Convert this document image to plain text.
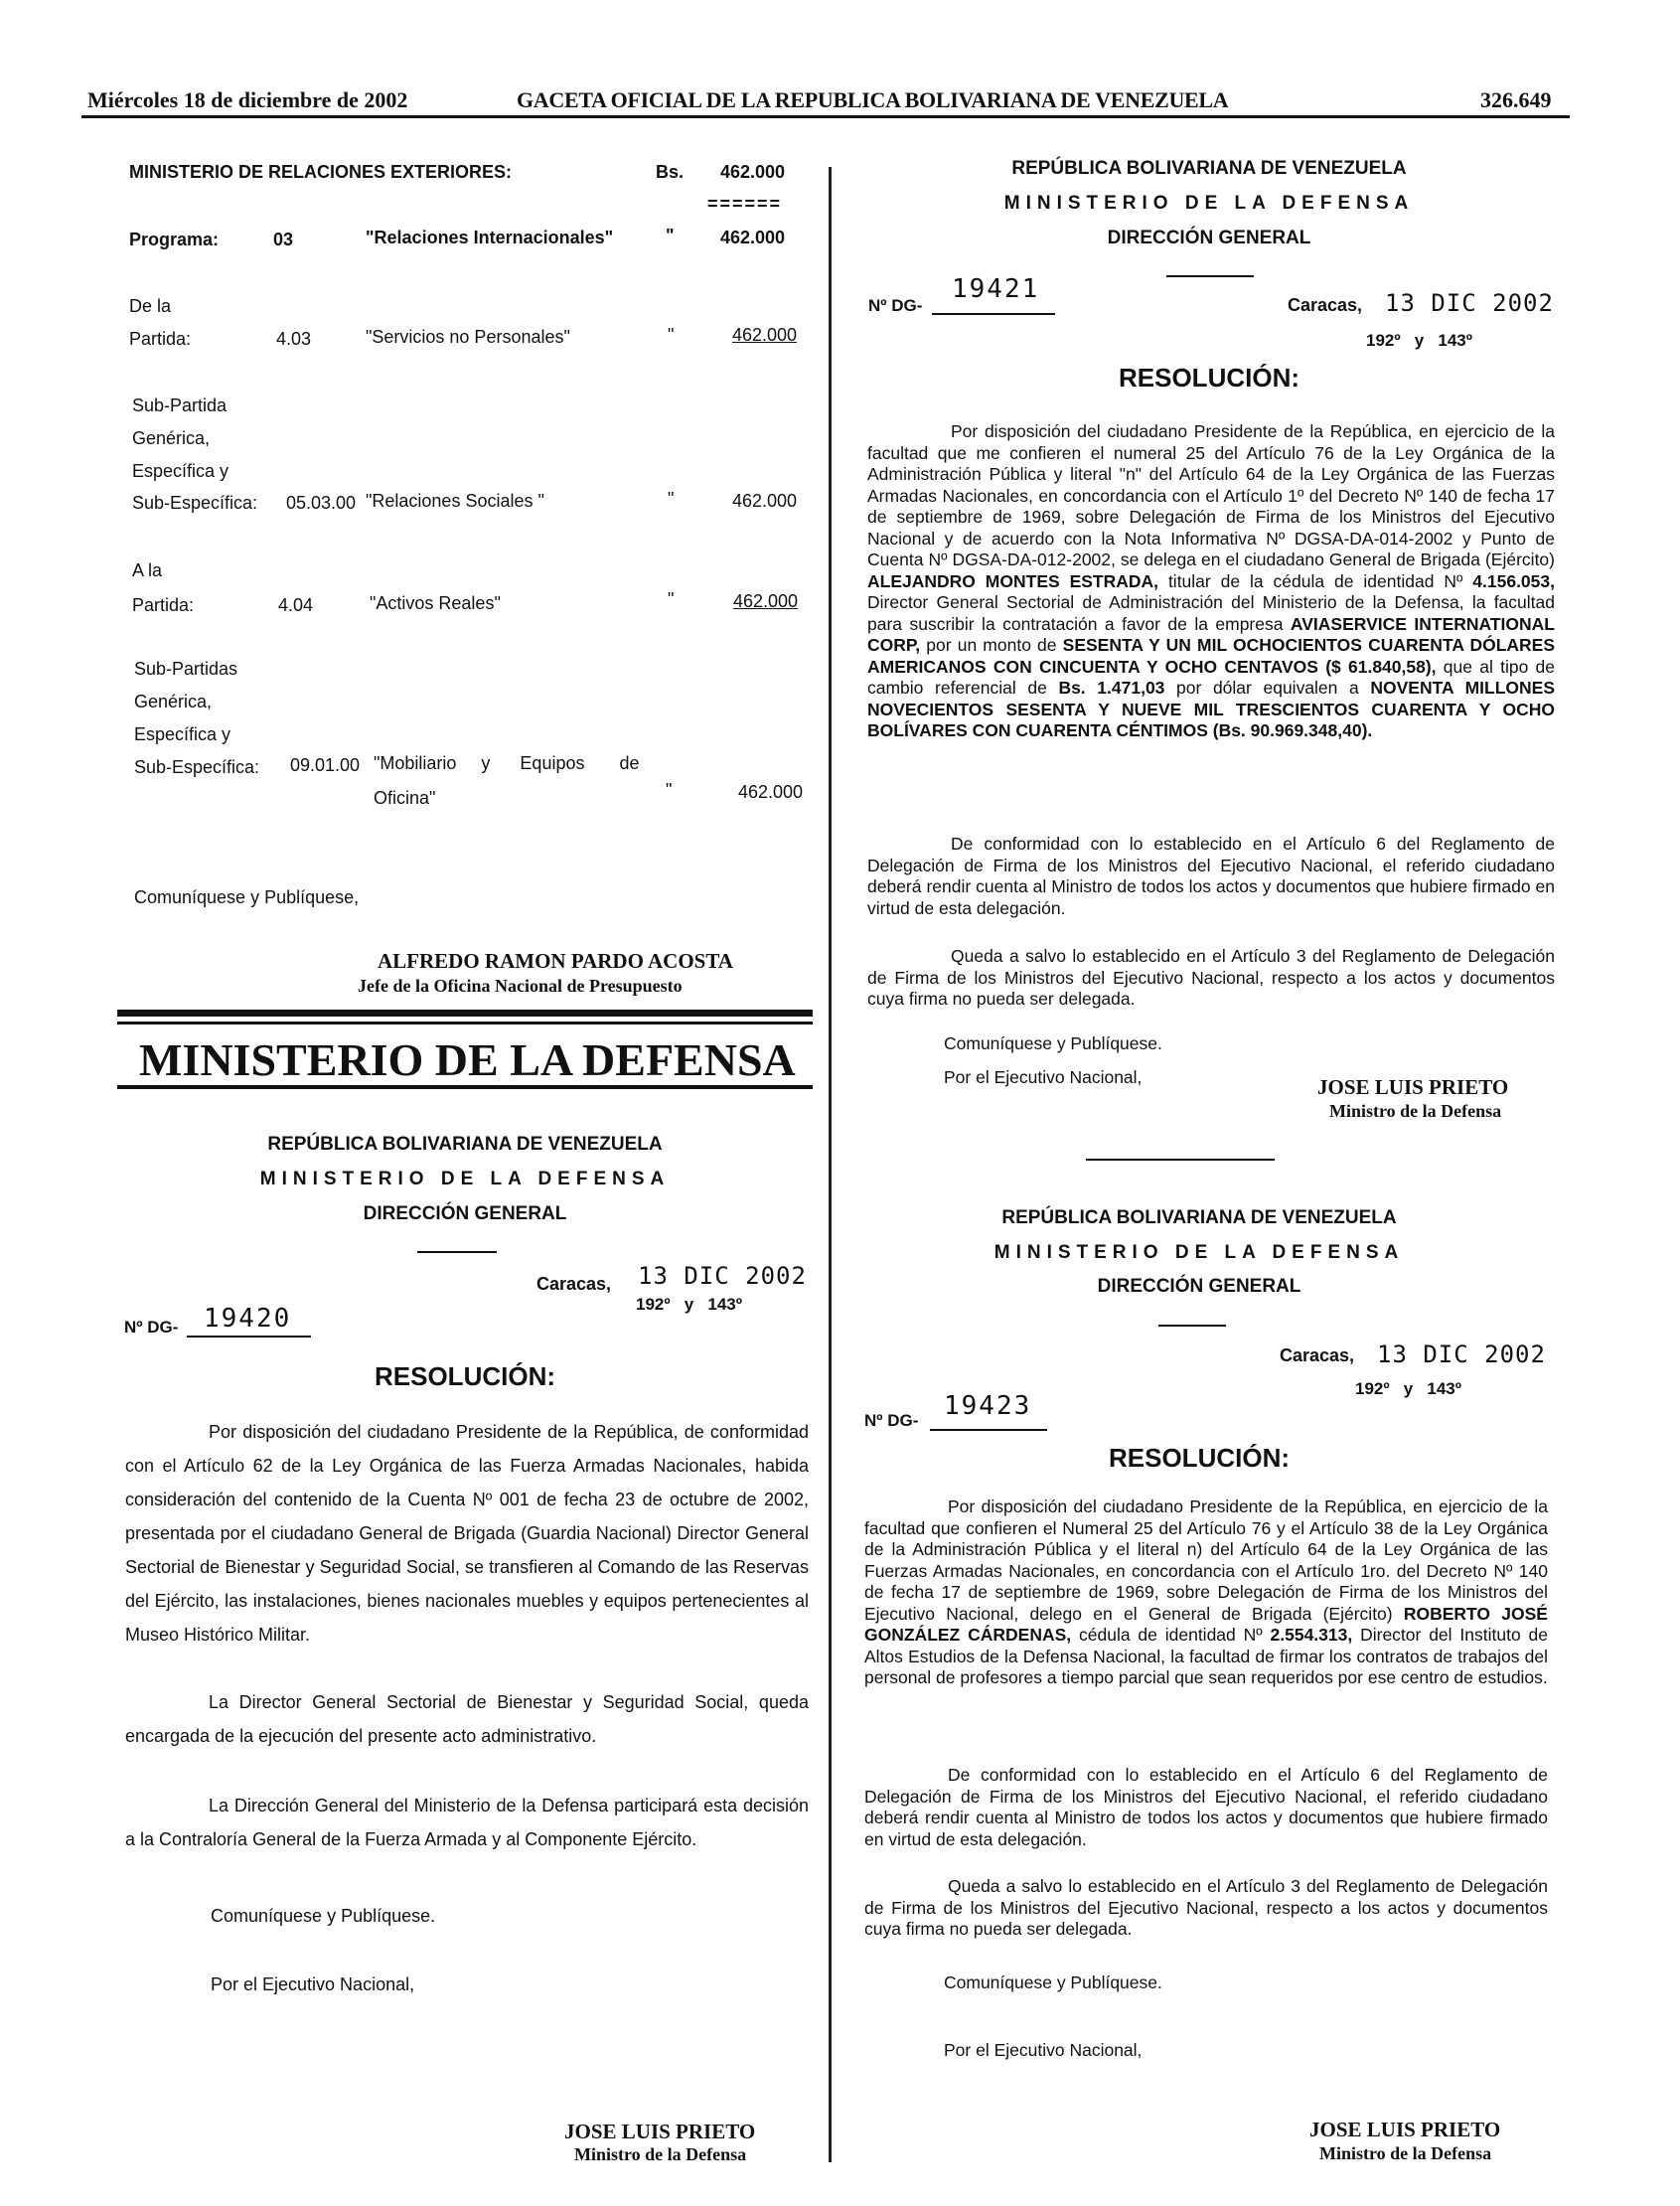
Miércoles 18 de diciembre de 2002	GACETA OFICIAL DE LA REPUBLICA BOLIVARIANA DE VENEZUELA	326.649
MINISTERIO DE RELACIONES EXTERIORES:	Bs. 462.000
======
Programa:	03	"Relaciones Internacionales"	"	462.000
De la
Partida:	4.03	"Servicios no Personales"	"	462.000
Sub-Partida
Genérica,
Específica y
Sub-Específica: 05.03.00 "Relaciones Sociales "	"	462.000
A la
Partida:	4.04	"Activos Reales"	"	462.000
Sub-Partidas
Genérica,
Específica y
Sub-Específica: 09.01.00 "Mobiliario     y      Equipos       de
Oficina"	"	462.000
Comuníquese y Publíquese,
ALFREDO RAMON PARDO ACOSTA
Jefe de la Oficina Nacional de Presupuesto
MINISTERIO DE LA DEFENSA
REPÚBLICA BOLIVARIANA DE VENEZUELA
MINISTERIO DE LA DEFENSA
DIRECCIÓN GENERAL
Caracas, 13 DIC 2002
192º   y   143º
Nº DG- 19420
RESOLUCIÓN:
Por disposición del ciudadano Presidente de la República, de conformidad con el Artículo 62 de la Ley Orgánica de las Fuerza Armadas Nacionales, habida consideración del contenido de la Cuenta Nº 001 de fecha 23 de octubre de 2002, presentada por el ciudadano General de Brigada (Guardia Nacional) Director General Sectorial de Bienestar y Seguridad Social, se transfieren al Comando de las Reservas del Ejército, las instalaciones, bienes nacionales muebles y equipos pertenecientes al Museo Histórico Militar.
La Director General Sectorial de Bienestar y Seguridad Social, queda encargada de la ejecución del presente acto administrativo.
La Dirección General del Ministerio de la Defensa participará esta decisión a la Contraloría General de la Fuerza Armada y al Componente Ejército.
Comuníquese y Publíquese.
Por el Ejecutivo Nacional,
JOSE LUIS PRIETO
Ministro de la Defensa
REPÚBLICA BOLIVARIANA DE VENEZUELA
MINISTERIO DE LA DEFENSA
DIRECCIÓN GENERAL
Nº DG-
19421
Caracas, 13 DIC 2002
192º   y   143º
RESOLUCIÓN:
Por disposición del ciudadano Presidente de la República, en ejercicio de la facultad que me confieren el numeral 25 del Artículo 76 de la Ley Orgánica de la Administración Pública y literal "n" del Artículo 64 de la Ley Orgánica de las Fuerzas Armadas Nacionales, en concordancia con el Artículo 1º del Decreto Nº 140 de fecha 17 de septiembre de 1969, sobre Delegación de Firma de los Ministros del Ejecutivo Nacional y de acuerdo con la Nota Informativa Nº DGSA-DA-014-2002 y Punto de Cuenta Nº DGSA-DA-012-2002, se delega en el ciudadano General de Brigada (Ejército) ALEJANDRO MONTES ESTRADA, titular de la cédula de identidad Nº 4.156.053, Director General Sectorial de Administración del Ministerio de la Defensa, la facultad para suscribir la contratación a favor de la empresa AVIASERVICE INTERNATIONAL CORP, por un monto de SESENTA Y UN MIL OCHOCIENTOS CUARENTA DÓLARES AMERICANOS CON CINCUENTA Y OCHO CENTAVOS ($ 61.840,58), que al tipo de cambio referencial de Bs. 1.471,03 por dólar equivalen a NOVENTA MILLONES NOVECIENTOS SESENTA Y NUEVE MIL TRESCIENTOS CUARENTA Y OCHO BOLÍVARES CON CUARENTA CÉNTIMOS (Bs. 90.969.348,40).
De conformidad con lo establecido en el Artículo 6 del Reglamento de Delegación de Firma de los Ministros del Ejecutivo Nacional, el referido ciudadano deberá rendir cuenta al Ministro de todos los actos y documentos que hubiere firmado en virtud de esta delegación.
Queda a salvo lo establecido en el Artículo 3 del Reglamento de Delegación de Firma de los Ministros del Ejecutivo Nacional, respecto a los actos y documentos cuya firma no pueda ser delegada.
Comuníquese y Publíquese.
Por el Ejecutivo Nacional,	JOSE LUIS PRIETO
Ministro de la Defensa
REPÚBLICA BOLIVARIANA DE VENEZUELA
MINISTERIO DE LA DEFENSA
DIRECCIÓN GENERAL
Caracas, 13 DIC 2002
192º   y   143º
Nº DG- 19423
RESOLUCIÓN:
Por disposición del ciudadano Presidente de la República, en ejercicio de la facultad que confieren el Numeral 25 del Artículo 76 y el Artículo 38 de la Ley Orgánica de la Administración Pública y el literal n) del Artículo 64 de la Ley Orgánica de las Fuerzas Armadas Nacionales, en concordancia con el Artículo 1ro. del Decreto Nº 140 de fecha 17 de septiembre de 1969, sobre Delegación de Firma de los Ministros del Ejecutivo Nacional, delego en el General de Brigada (Ejército) ROBERTO JOSÉ GONZÁLEZ CÁRDENAS, cédula de identidad Nº 2.554.313, Director del Instituto de Altos Estudios de la Defensa Nacional, la facultad de firmar los contratos de trabajos del personal de profesores a tiempo parcial que sean requeridos por ese centro de estudios.
De conformidad con lo establecido en el Artículo 6 del Reglamento de Delegación de Firma de los Ministros del Ejecutivo Nacional, el referido ciudadano deberá rendir cuenta al Ministro de todos los actos y documentos que hubiere firmado en virtud de esta delegación.
Queda a salvo lo establecido en el Artículo 3 del Reglamento de Delegación de Firma de los Ministros del Ejecutivo Nacional, respecto a los actos y documentos cuya firma no pueda ser delegada.
Comuníquese y Publíquese.
Por el Ejecutivo Nacional,
JOSE LUIS PRIETO
Ministro de la Defensa
